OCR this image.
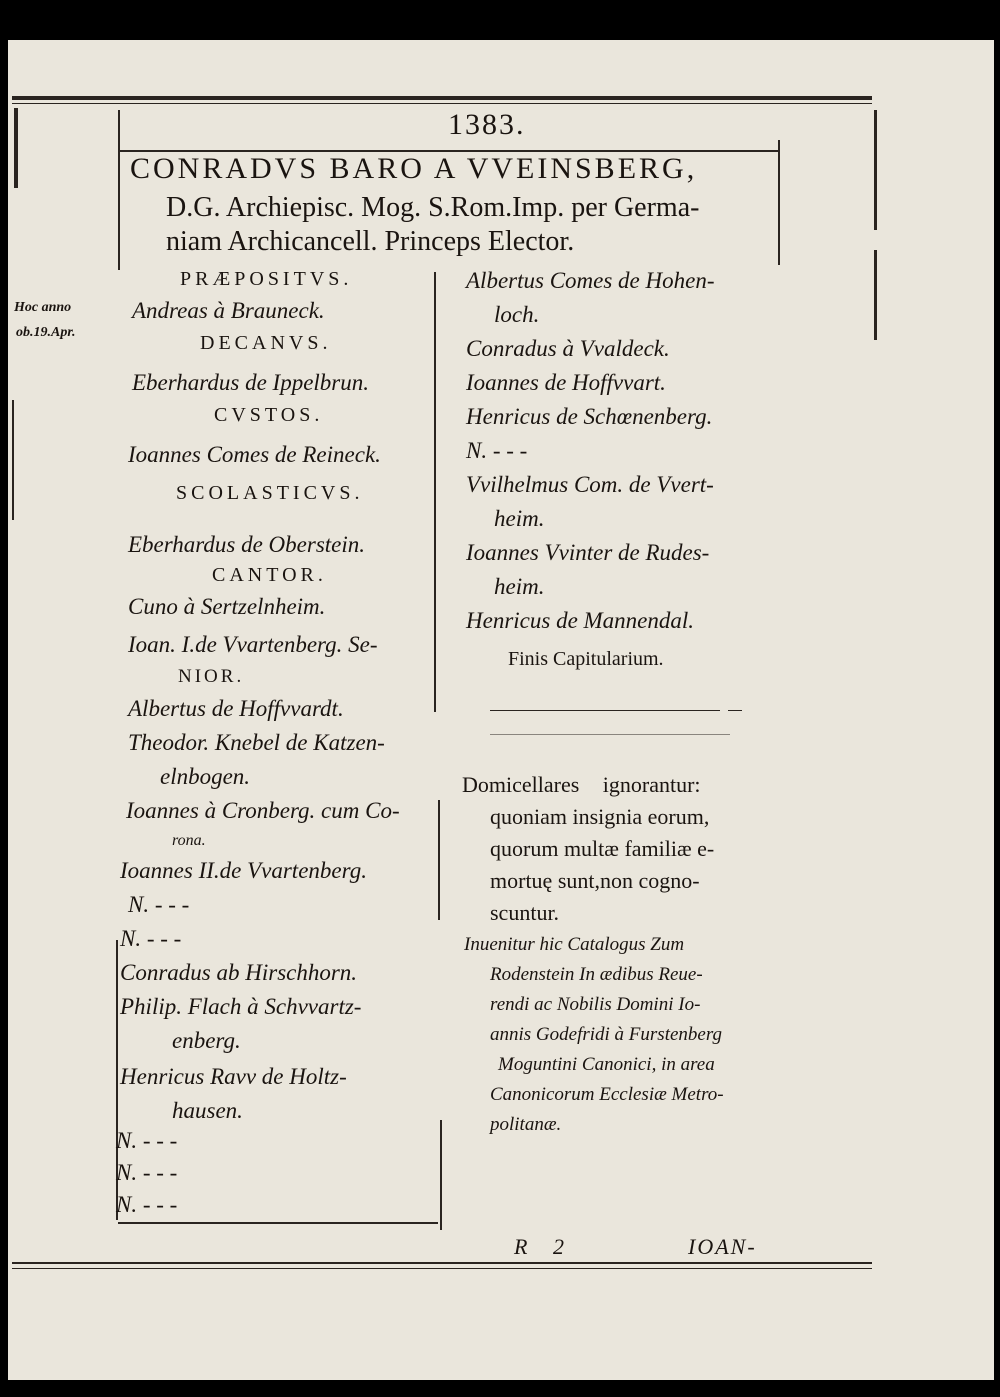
1383.
CONRADVS BARO A VVEINSBERG,
D.G. Archiepisc. Mog. S.Rom.Imp. per Germa-
niam Archicancell. Princeps Elector.
Hoc anno
ob.19.Apr.
PRÆPOSITVS.
Andreas à Brauneck.
DECANVS.
Eberhardus de Ippelbrun.
CVSTOS.
Ioannes Comes de Reineck.
SCOLASTICVS.
Eberhardus de Oberstein.
CANTOR.
Cuno à Sertzelnheim.
Ioan. I.de Vvartenberg. Se-
NIOR.
Albertus de Hoffvvardt.
Theodor. Knebel de Katzen-
elnbogen.
Ioannes à Cronberg. cum Co-
rona.
Ioannes II.de Vvartenberg.
N. - - -
N. - - -
Conradus ab Hirschhorn.
Philip. Flach à Schvvartz-
enberg.
Henricus Ravv de Holtz-
hausen.
N. - - -
N. - - -
N. - - -
Albertus Comes de Hohen-
loch.
Conradus à Vvaldeck.
Ioannes de Hoffvvart.
Henricus de Schœnenberg.
N. - - -
Vvilhelmus Com. de Vvert-
heim.
Ioannes Vvinter de Rudes-
heim.
Henricus de Mannendal.
Finis Capitularium.
Domicellares ignorantur:
quoniam insignia eorum,
quorum multæ familiæ e-
mortuę sunt,non cogno-
scuntur.
Inuenitur hic Catalogus Zum
Rodenstein In ædibus Reue-
rendi ac Nobilis Domini Io-
annis Godefridi à Furstenberg
Moguntini Canonici, in area
Canonicorum Ecclesiæ Metro-
politanæ.
R 2	IOAN-
